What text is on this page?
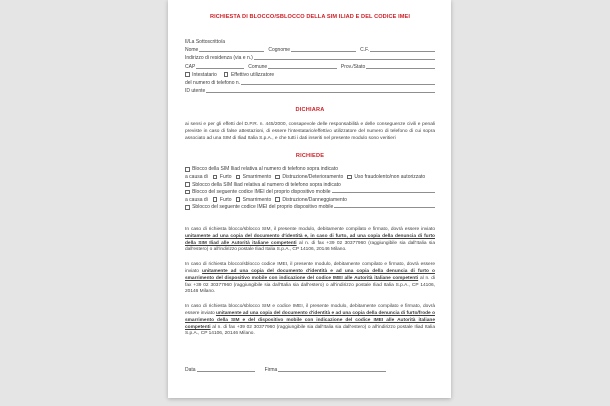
RICHIESTA DI BLOCCO/SBLOCCO DELLA SIM ILIAD E DEL CODICE IMEI
Il/La Sottoscritto/a
Nome	Cognome	C.F.
Indirizzo di residenza (via e n.)
CAP	Comune	Prov./Stato
Intestatario	Effettivo utilizzatore
del numero di telefono n.
ID utente
DICHIARA
ai sensi e per gli effetti del D.P.R. n. 445/2000, consapevole delle responsabilità e delle conseguenze civili e penali previste in caso di false attestazioni, di essere l'intestatario/effettivo utilizzatore del numero di telefono di cui sopra associato ad una SIM di Iliad Italia S.p.A., e che tutti i dati inseriti nel presente modulo sono veritieri
RICHIEDE
Blocco della SIM Iliad relativa al numero di telefono sopra indicato
a causa di Furto Smarrimento Distruzione/Deterioramento Uso fraudolento/non autorizzato
Sblocco della SIM Iliad relativa al numero di telefono sopra indicato
Blocco del seguente codice IMEI del proprio dispositivo mobile
a causa di Furto Smarrimento Distruzione/Danneggiamento
Sblocco del seguente codice IMEI del proprio dispositivo mobile
In caso di richiesta blocco/sblocco SIM, il presente modulo, debitamente compilato e firmato, dovrà essere inviato unitamente ad una copia del documento d'identità e, in caso di furto, ad una copia della denuncia di furto della SIM Iliad alle Autorità italiane competenti al n. di fax +39 02 30377960 (raggiungibile sia dall'Italia sia dall'estero) o all'indirizzo postale Iliad Italia S.p.A., CP 14106, 20146 Milano.
In caso di richiesta blocco/sblocco codice IMEI, il presente modulo, debitamente compilato e firmato, dovrà essere inviato unitamente ad una copia del documento d'identità e ad una copia della denuncia di furto o smarrimento del dispositivo mobile con indicazione del codice IMEI alle Autorità italiane competenti al n. di fax +39 02 30377960 (raggiungibile sia dall'Italia sia dall'estero) o all'indirizzo postale Iliad Italia S.p.A., CP 14106, 20146 Milano.
In caso di richiesta blocco/sblocco SIM e codice IMEI, il presente modulo, debitamente compilato e firmato, dovrà essere inviato unitamente ad una copia del documento d'identità e ad una copia della denuncia di furto/frode o smarrimento della SIM e del dispositivo mobile con indicazione del codice IMEI alle Autorità italiane competenti al n. di fax +39 02 30377960 (raggiungibile sia dall'Italia sia dall'estero) o all'indirizzo postale Iliad Italia S.p.A., CP 14106, 20146 Milano.
Data	Firma
